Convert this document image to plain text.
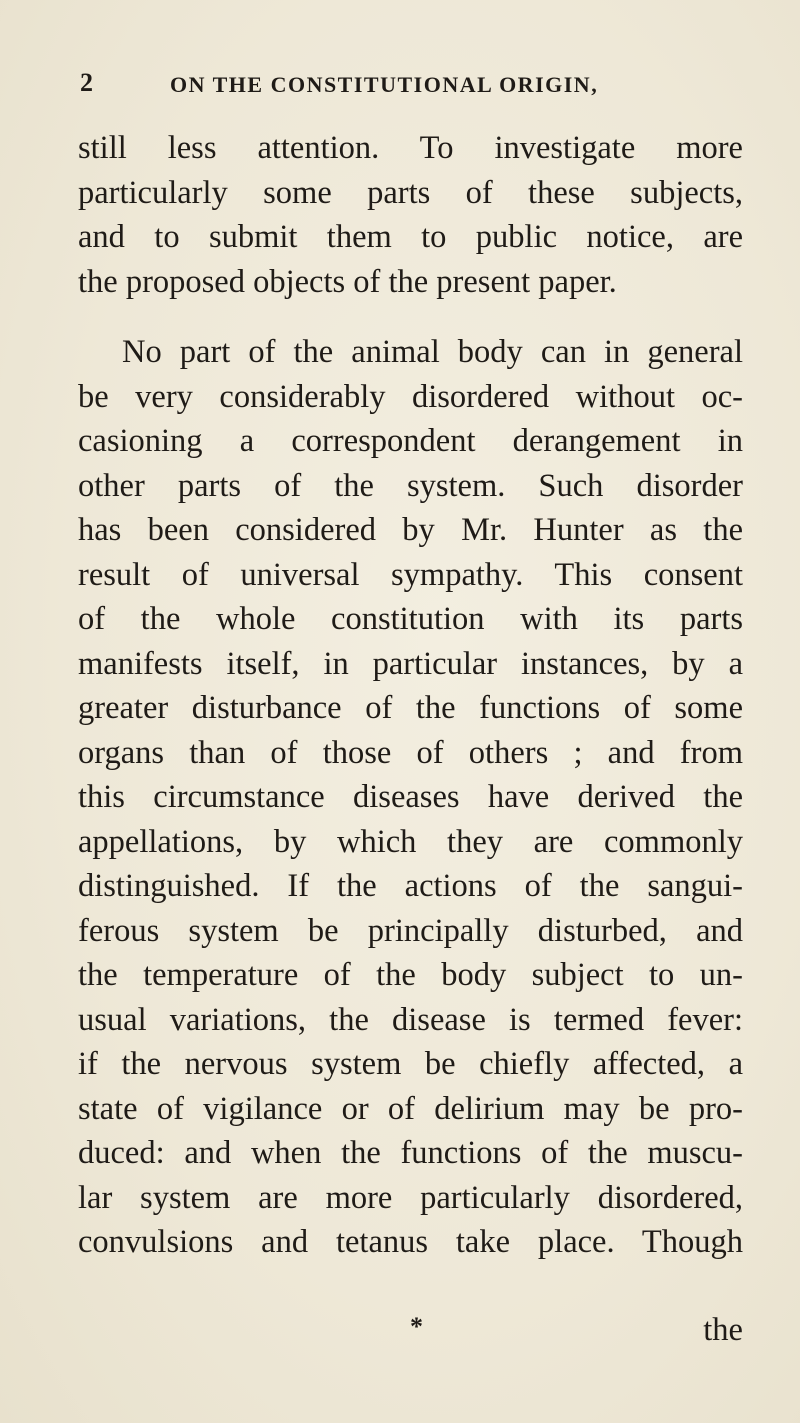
2	ON THE CONSTITUTIONAL ORIGIN,
still less attention. To investigate more
particularly some parts of these subjects,
and to submit them to public notice, are
the proposed objects of the present paper.
No part of the animal body can in general
be very considerably disordered without oc-
casioning a correspondent derangement in
other parts of the system. Such disorder
has been considered by Mr. Hunter as the
result of universal sympathy. This consent
of the whole constitution with its parts
manifests itself, in particular instances, by a
greater disturbance of the functions of some
organs than of those of others ; and from
this circumstance diseases have derived the
appellations, by which they are commonly
distinguished. If the actions of the sangui-
ferous system be principally disturbed, and
the temperature of the body subject to un-
usual variations, the disease is termed fever:
if the nervous system be chiefly affected, a
state of vigilance or of delirium may be pro-
duced: and when the functions of the muscu-
lar system are more particularly disordered,
convulsions and tetanus take place. Though
*	the
